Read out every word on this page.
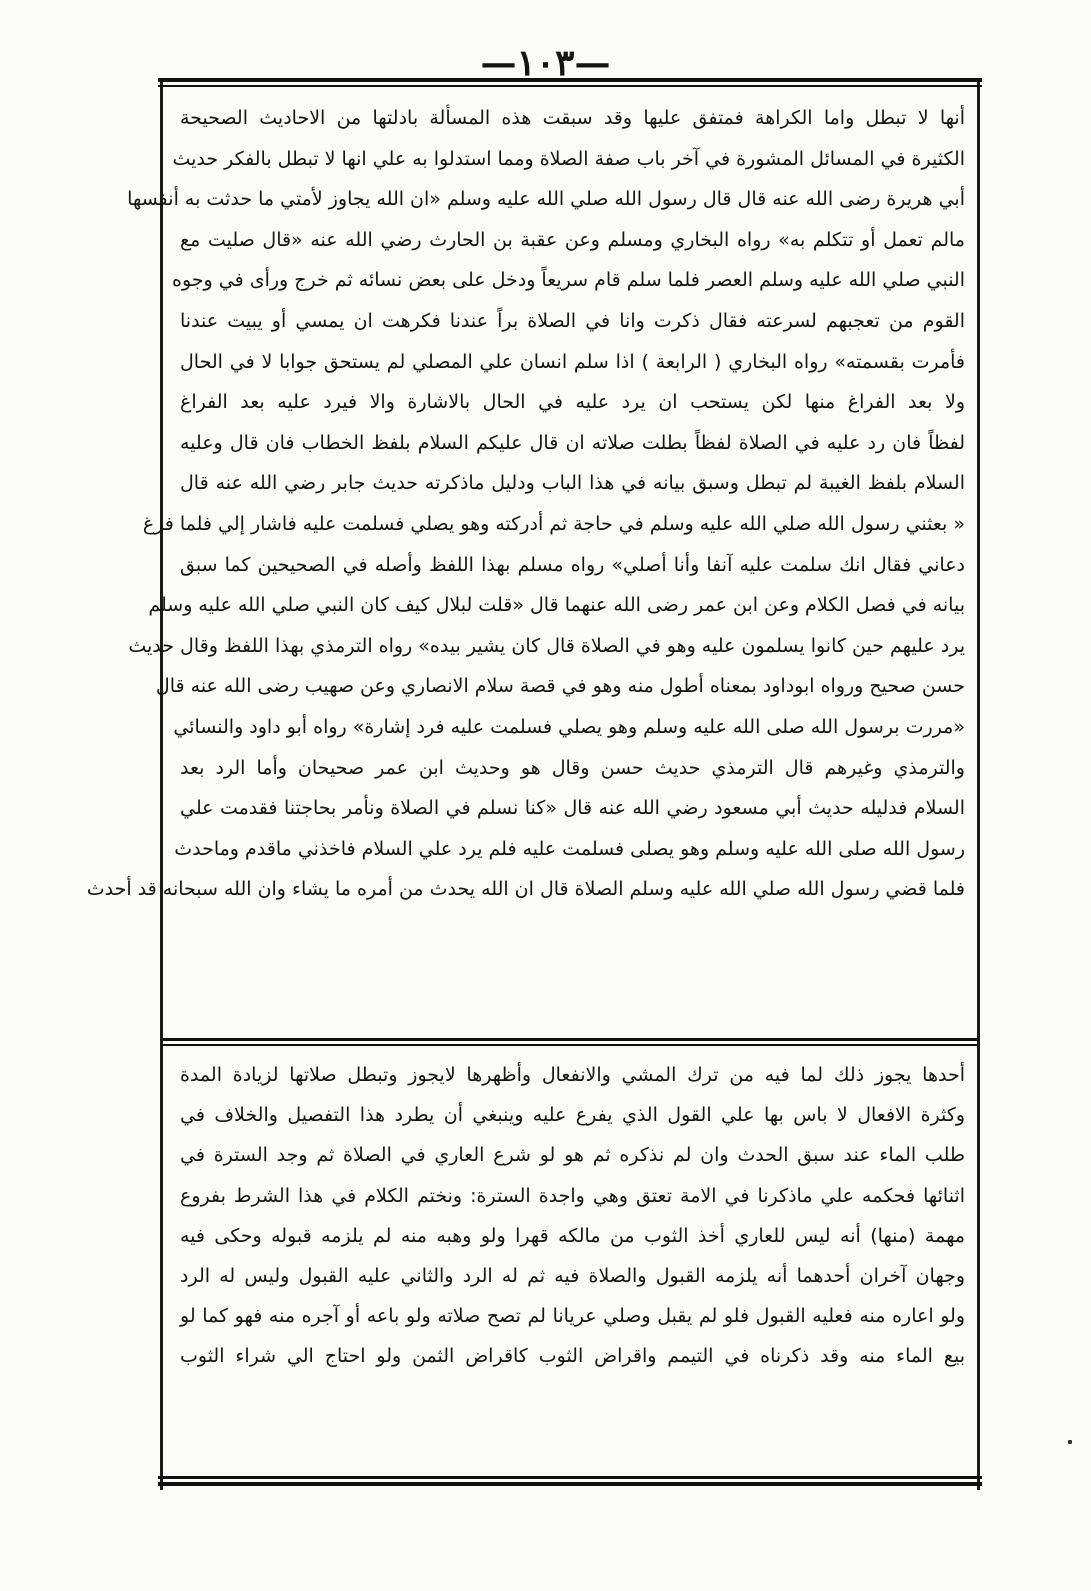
—١٠٣—
أنها لا تبطل واما الكراهة فمتفق عليها وقد سبقت هذه المسألة بادلتها من الاحاديث الصحيحة
الكثيرة في المسائل المشورة في آخر باب صفة الصلاة ومما استدلوا به علي انها لا تبطل بالفكر حديث
أبي هريرة رضى الله عنه قال قال رسول الله صلي الله عليه وسلم «ان الله يجاوز لأمتي ما حدثت به أنفسها
مالم تعمل أو تتكلم به» رواه البخاري ومسلم وعن عقبة بن الحارث رضي الله عنه «قال صليت مع
النبي صلي الله عليه وسلم العصر فلما سلم قام سريعاً ودخل على بعض نسائه ثم خرج ورأى في وجوه
القوم من تعجبهم لسرعته فقال ذكرت وانا في الصلاة براً عندنا فكرهت ان يمسي أو يبيت عندنا
فأمرت بقسمته» رواه البخاري ( الرابعة ) اذا سلم انسان علي المصلي لم يستحق جوابا لا في الحال
ولا بعد الفراغ منها لكن يستحب ان يرد عليه في الحال بالاشارة والا فيرد عليه بعد الفراغ
لفظاً فان رد عليه في الصلاة لفظاً بطلت صلاته ان قال عليكم السلام بلفظ الخطاب فان قال وعليه
السلام بلفظ الغيبة لم تبطل وسبق بيانه في هذا الباب ودليل ماذكرته حديث جابر رضي الله عنه قال
« بعثني رسول الله صلي الله عليه وسلم في حاجة ثم أدركته وهو يصلي فسلمت عليه فاشار إلي فلما فرغ
دعاني فقال انك سلمت عليه آنفا وأنا أصلي» رواه مسلم بهذا اللفظ وأصله في الصحيحين كما سبق
بيانه في فصل الكلام وعن ابن عمر رضى الله عنهما قال «قلت لبلال كيف كان النبي صلي الله عليه وسلم
يرد عليهم حين كانوا يسلمون عليه وهو في الصلاة قال كان يشير بيده» رواه الترمذي بهذا اللفظ وقال حديث
حسن صحيح ورواه ابوداود بمعناه أطول منه وهو في قصة سلام الانصاري وعن صهيب رضى الله عنه قال
«مررت برسول الله صلى الله عليه وسلم وهو يصلي فسلمت عليه فرد إشارة» رواه أبو داود والنسائي
والترمذي وغيرهم قال الترمذي حديث حسن وقال هو وحديث ابن عمر صحيحان وأما الرد بعد
السلام فدليله حديث أبي مسعود رضي الله عنه قال «كنا نسلم في الصلاة ونأمر بحاجتنا فقدمت علي
رسول الله صلى الله عليه وسلم وهو يصلى فسلمت عليه فلم يرد علي السلام فاخذني ماقدم وماحدث
فلما قضي رسول الله صلي الله عليه وسلم الصلاة قال ان الله يحدث من أمره ما يشاء وان الله سبحانه قد أحدث
أحدها يجوز ذلك لما فيه من ترك المشي والانفعال وأظهرها لايجوز وتبطل صلاتها لزيادة المدة
وكثرة الافعال لا باس بها علي القول الذي يفرع عليه وينبغي أن يطرد هذا التفصيل والخلاف في
طلب الماء عند سبق الحدث وان لم نذكره ثم هو لو شرع العاري في الصلاة ثم وجد السترة في
اثنائها فحكمه علي ماذكرنا في الامة تعتق وهي واجدة السترة: ونختم الكلام في هذا الشرط بفروع
مهمة (منها) أنه ليس للعاري أخذ الثوب من مالكه قهرا ولو وهبه منه لم يلزمه قبوله وحكى فيه
وجهان آخران أحدهما أنه يلزمه القبول والصلاة فيه ثم له الرد والثاني عليه القبول وليس له الرد
ولو اعاره منه فعليه القبول فلو لم يقبل وصلي عريانا لم تصح صلاته ولو باعه أو آجره منه فهو كما لو
بيع الماء منه وقد ذكرناه في التيمم واقراض الثوب كاقراض الثمن ولو احتاج الي شراء الثوب
